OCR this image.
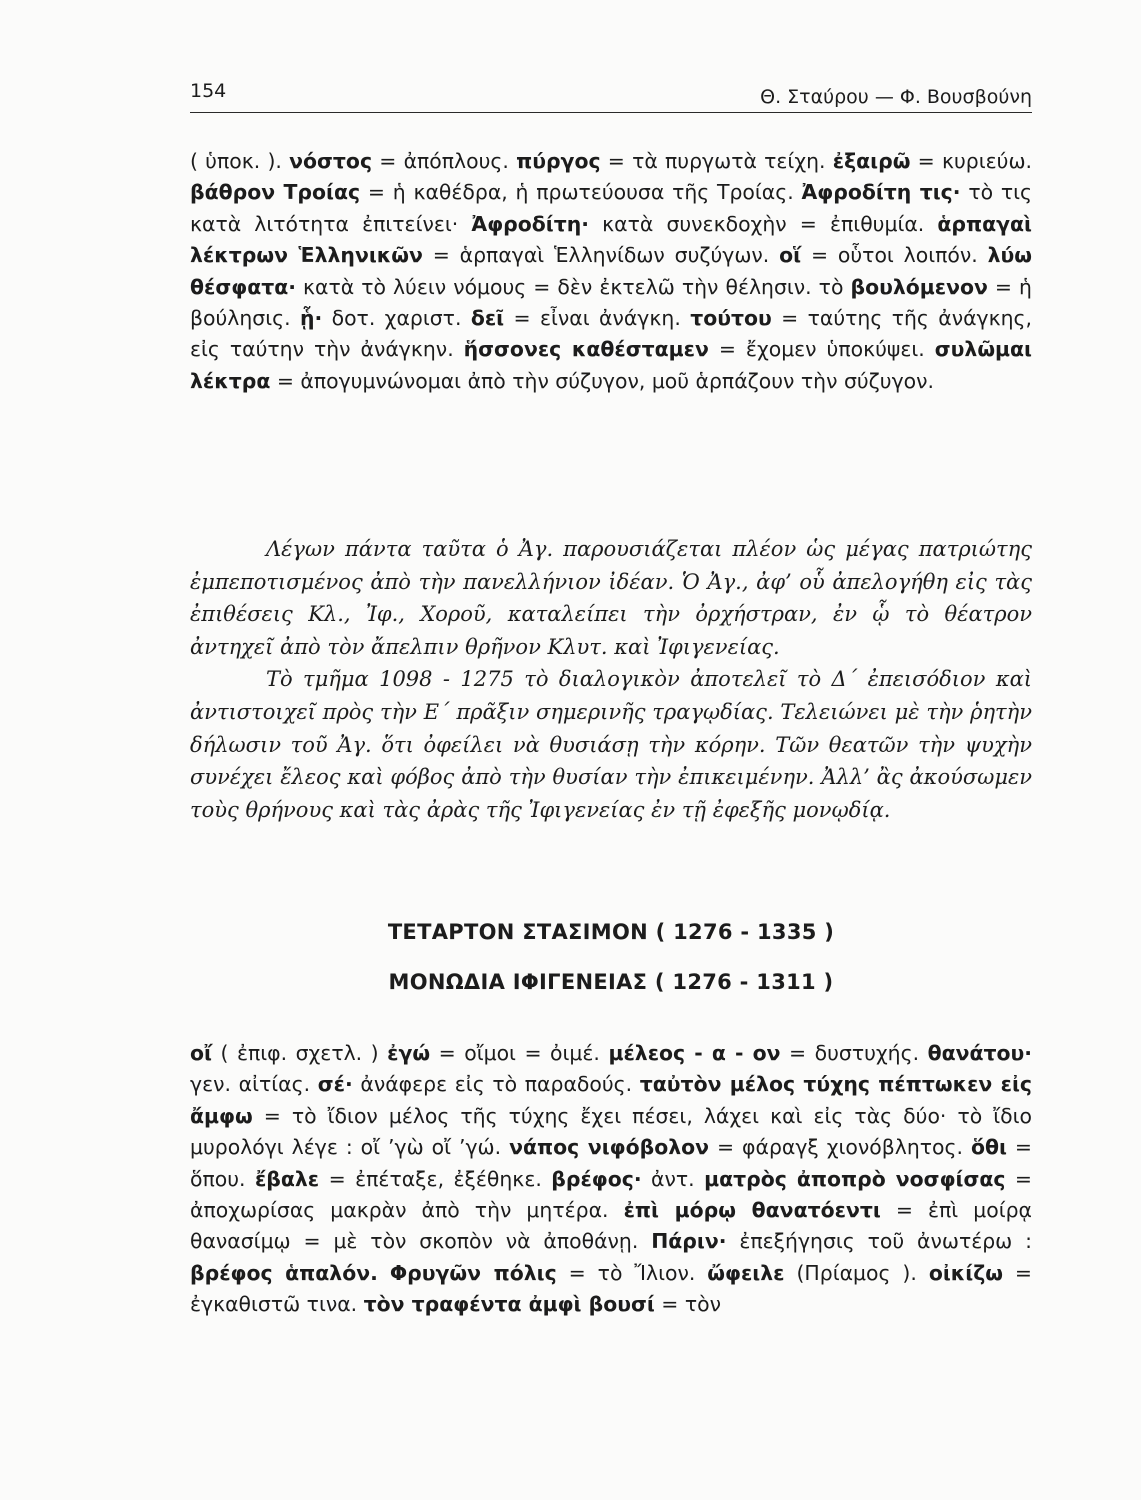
154	Θ. Σταύρου — Φ. Βουσβούνη

( ὑποκ. ). νόστος = ἀπόπλους. πύργος = τὰ πυργωτὰ τείχη. ἐξαιρῶ = κυριεύω. βάθρον Τροίας = ἡ καθέδρα, ἡ πρωτεύουσα τῆς Τροίας. Ἀφροδίτη τις· τὸ τις κατὰ λιτότητα ἐπιτείνει· Ἀφροδίτη· κατὰ συνεκδοχὴν = ἐπιθυμία. ἁρπαγαὶ λέκτρων Ἑλληνικῶν = ἁρπαγαὶ Ἑλληνίδων συζύγων. οἵ = οὗτοι λοιπόν. λύω θέσφατα· κατὰ τὸ λύειν νόμους = δὲν ἐκτελῶ τὴν θέλησιν. τὸ βουλόμενον = ἡ βούλησις. ᾗ· δοτ. χαριστ. δεῖ = εἶναι ἀνάγκη. τούτου = ταύτης τῆς ἀνάγκης, εἰς ταύτην τὴν ἀνάγκην. ἥσσονες καθέσταμεν = ἔχομεν ὑποκύψει. συλῶμαι λέκτρα = ἀπογυμνώνομαι ἀπὸ τὴν σύζυγον, μοῦ ἁρπάζουν τὴν σύζυγον.

Λέγων πάντα ταῦτα ὁ Ἀγ. παρουσιάζεται πλέον ὡς μέγας πατριώτης ἐμπεποτισμένος ἀπὸ τὴν πανελλήνιον ἰδέαν. Ὁ Ἀγ., ἀφ’ οὗ ἀπελογήθη εἰς τὰς ἐπιθέσεις Κλ., Ἰφ., Χοροῦ, καταλείπει τὴν ὀρχήστραν, ἐν ᾧ τὸ θέατρον ἀντηχεῖ ἀπὸ τὸν ἄπελπιν θρῆνον Κλυτ. καὶ Ἰφιγενείας.

Τὸ τμῆμα 1098 - 1275 τὸ διαλογικὸν ἀποτελεῖ τὸ Δ΄ ἐπεισόδιον καὶ ἀντιστοιχεῖ πρὸς τὴν Ε΄ πρᾶξιν σημερινῆς τραγῳδίας. Τελειώνει μὲ τὴν ῥητὴν δήλωσιν τοῦ Ἀγ. ὅτι ὀφείλει νὰ θυσιάσῃ τὴν κόρην. Τῶν θεατῶν τὴν ψυχὴν συνέχει ἔλεος καὶ φόβος ἀπὸ τὴν θυσίαν τὴν ἐπικειμένην. Ἀλλ’ ἂς ἀκούσωμεν τοὺς θρήνους καὶ τὰς ἀρὰς τῆς Ἰφιγενείας ἐν τῇ ἐφεξῆς μονῳδίᾳ.

ΤΕΤΑΡΤΟΝ ΣΤΑΣΙΜΟΝ ( 1276 - 1335 )
ΜΟΝΩΔΙΑ ΙΦΙΓΕΝΕΙΑΣ ( 1276 - 1311 )

οἴ ( ἐπιφ. σχετλ. ) ἐγώ = οἴμοι = ὀιμέ. μέλεος - α - ον = δυστυχής. θανάτου· γεν. αἰτίας. σέ· ἀνάφερε εἰς τὸ παραδούς. ταὐτὸν μέλος τύχης πέπτωκεν εἰς ἄμφω = τὸ ἴδιον μέλος τῆς τύχης ἔχει πέσει, λάχει καὶ εἰς τὰς δύο· τὸ ἴδιο μυρολόγι λέγε : οἴ ’γὼ οἴ ’γώ. νάπος νιφόβολον = φάραγξ χιονόβλητος. ὅθι = ὅπου. ἔβαλε = ἐπέταξε, ἐξέθηκε. βρέφος· ἀντ. ματρὸς ἀποπρὸ νοσφίσας = ἀποχωρίσας μακρὰν ἀπὸ τὴν μητέρα. ἐπὶ μόρῳ θανατόεντι = ἐπὶ μοίρᾳ θανασίμῳ = μὲ τὸν σκοπὸν νὰ ἀποθάνῃ. Πάριν· ἐπεξήγησις τοῦ ἀνωτέρω : βρέφος ἁπαλόν. Φρυγῶν πόλις = τὸ Ἴλιον. ὤφειλε (Πρίαμος ). οἰκίζω = ἐγκαθιστῶ τινα. τὸν τραφέντα ἀμφὶ βουσί = τὸν
